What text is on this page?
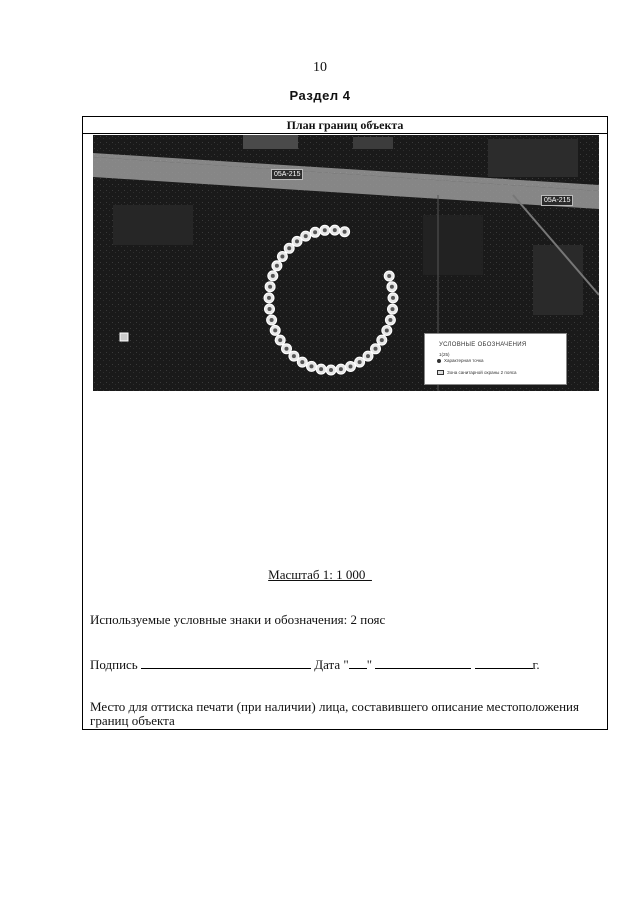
10
Раздел 4
План границ объекта
05А-215
05А-215
УСЛОВНЫЕ ОБОЗНАЧЕНИЯ
1(25)
Характерная точка
Зона санитарной охраны 2 пояса
Масштаб 1: 1 000_
Используемые условные знаки и обозначения: 2 пояс
Подпись	Дата " "	г.
Место для оттиска печати (при наличии) лица, составившего описание местоположения границ объекта
